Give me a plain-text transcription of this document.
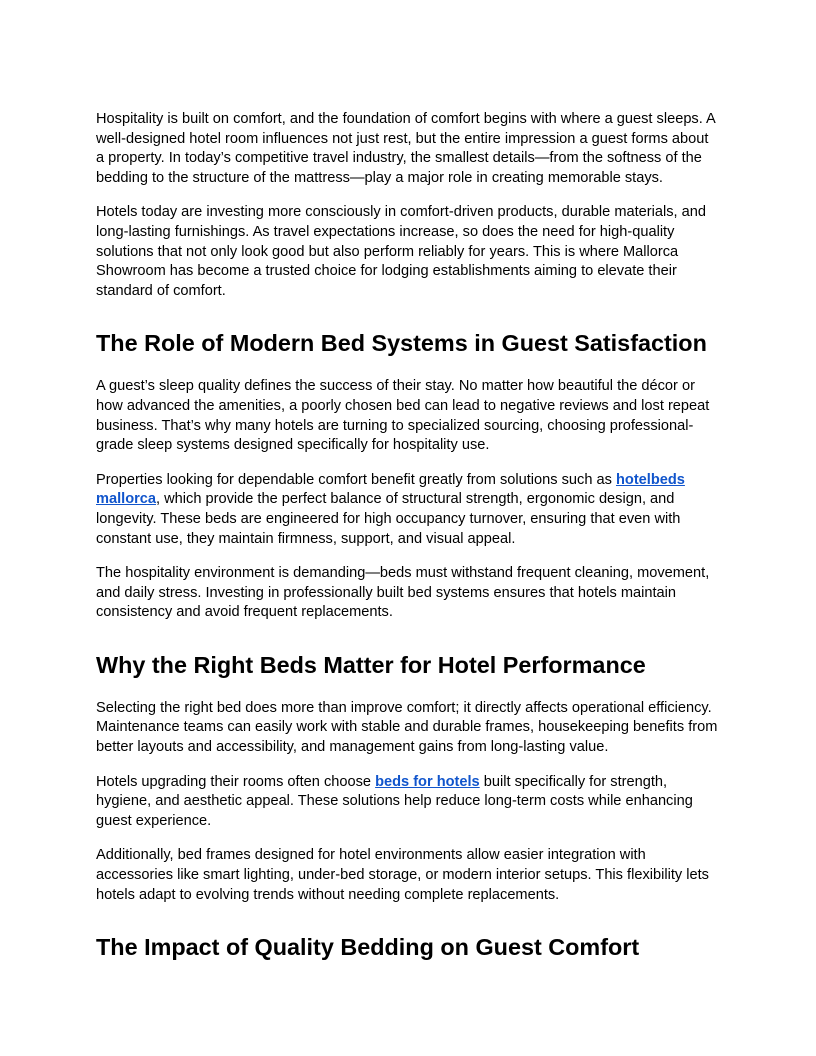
Hospitality is built on comfort, and the foundation of comfort begins with where a guest sleeps. A well-designed hotel room influences not just rest, but the entire impression a guest forms about a property. In today’s competitive travel industry, the smallest details—from the softness of the bedding to the structure of the mattress—play a major role in creating memorable stays.

Hotels today are investing more consciously in comfort-driven products, durable materials, and long-lasting furnishings. As travel expectations increase, so does the need for high-quality solutions that not only look good but also perform reliably for years. This is where Mallorca Showroom has become a trusted choice for lodging establishments aiming to elevate their standard of comfort.

The Role of Modern Bed Systems in Guest Satisfaction

A guest’s sleep quality defines the success of their stay. No matter how beautiful the décor or how advanced the amenities, a poorly chosen bed can lead to negative reviews and lost repeat business. That’s why many hotels are turning to specialized sourcing, choosing professional-grade sleep systems designed specifically for hospitality use.

Properties looking for dependable comfort benefit greatly from solutions such as hotelbeds mallorca, which provide the perfect balance of structural strength, ergonomic design, and longevity. These beds are engineered for high occupancy turnover, ensuring that even with constant use, they maintain firmness, support, and visual appeal.

The hospitality environment is demanding—beds must withstand frequent cleaning, movement, and daily stress. Investing in professionally built bed systems ensures that hotels maintain consistency and avoid frequent replacements.

Why the Right Beds Matter for Hotel Performance

Selecting the right bed does more than improve comfort; it directly affects operational efficiency. Maintenance teams can easily work with stable and durable frames, housekeeping benefits from better layouts and accessibility, and management gains from long-lasting value.

Hotels upgrading their rooms often choose beds for hotels built specifically for strength, hygiene, and aesthetic appeal. These solutions help reduce long-term costs while enhancing guest experience.

Additionally, bed frames designed for hotel environments allow easier integration with accessories like smart lighting, under-bed storage, or modern interior setups. This flexibility lets hotels adapt to evolving trends without needing complete replacements.

The Impact of Quality Bedding on Guest Comfort
